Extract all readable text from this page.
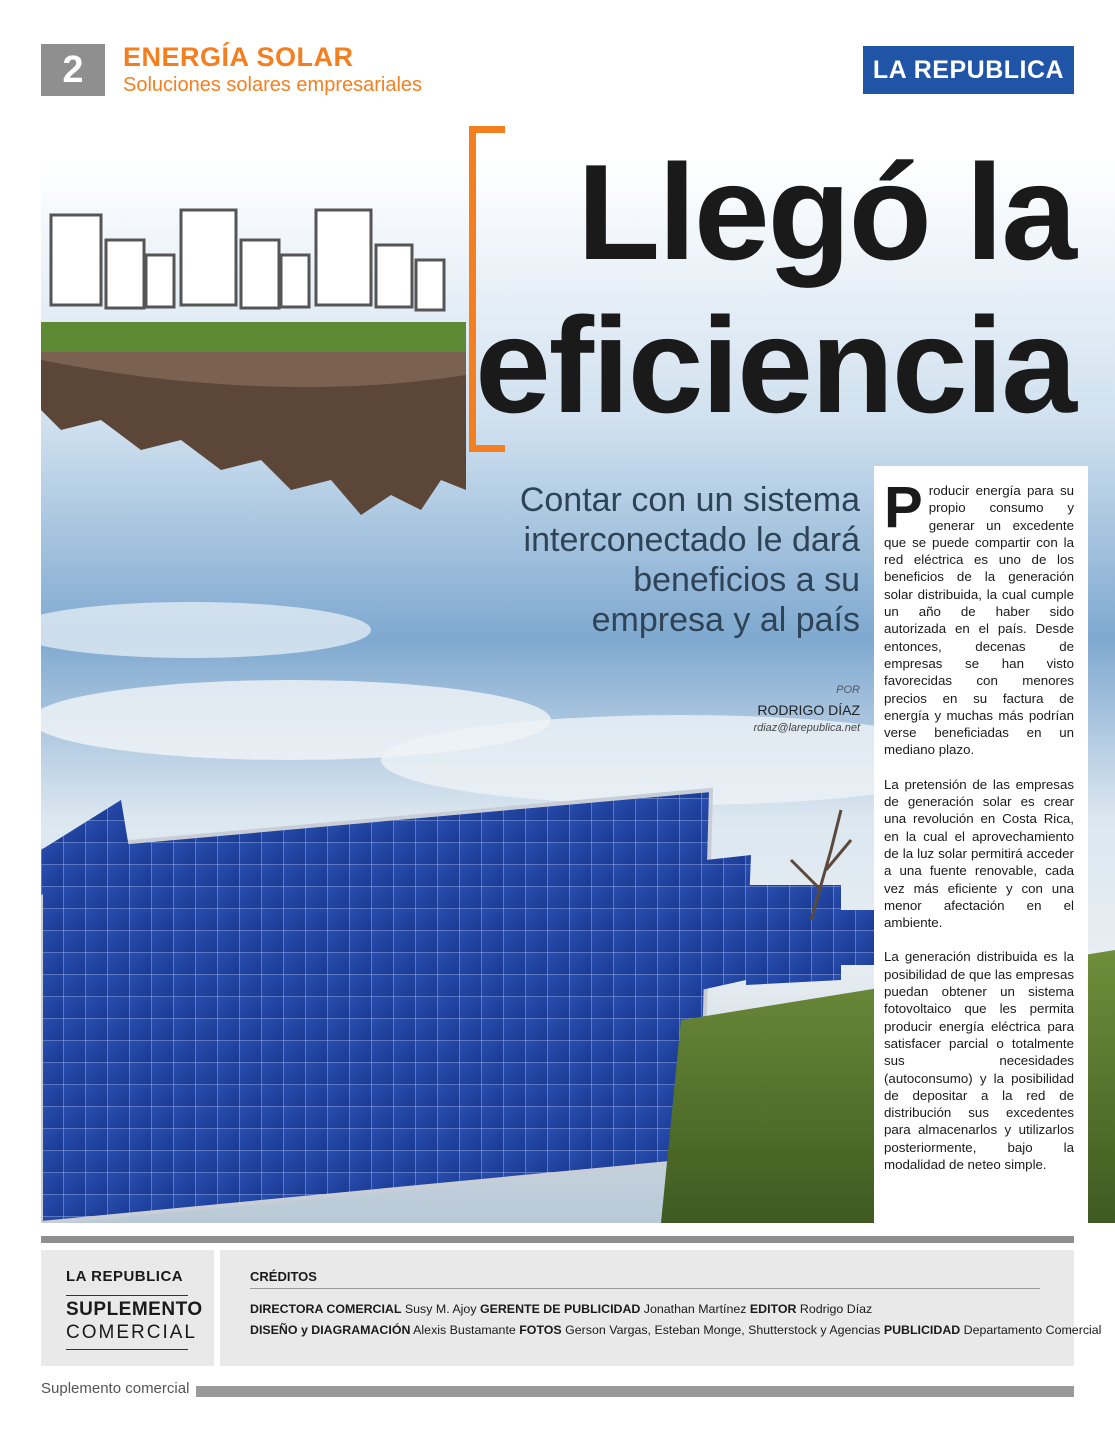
2	ENERGÍA SOLAR
Soluciones solares empresariales
LA REPUBLICA
Llegó la
eficiencia
Contar con un sistema interconectado le dará beneficios a su empresa y al país
POR
RODRIGO DÍAZ
rdiaz@larepublica.net

Producir energía para su propio consumo y generar un excedente que se puede compartir con la red eléctrica es uno de los beneficios de la generación solar distribuida, la cual cumple un año de haber sido autorizada en el país. Desde entonces, decenas de empresas se han visto favorecidas con menores precios en su factura de energía y muchas más podrían verse beneficiadas en un mediano plazo.

La pretensión de las empresas de generación solar es crear una revolución en Costa Rica, en la cual el aprovechamiento de la luz solar permitirá acceder a una fuente renovable, cada vez más eficiente y con una menor afectación en el ambiente.

La generación distribuida es la posibilidad de que las empresas puedan obtener un sistema fotovoltaico que les permita producir energía eléctrica para satisfacer parcial o totalmente sus necesidades (autoconsumo) y la posibilidad de depositar a la red de distribución sus excedentes para almacenarlos y utilizarlos posteriormente, bajo la modalidad de neteo simple.

LA REPUBLICA
SUPLEMENTO
COMERCIAL
CRÉDITOS
DIRECTORA COMERCIAL Susy M. Ajoy GERENTE DE PUBLICIDAD Jonathan Martínez EDITOR Rodrigo Díaz
DISEÑO y DIAGRAMACIÓN Alexis Bustamante FOTOS Gerson Vargas, Esteban Monge, Shutterstock y Agencias PUBLICIDAD Departamento Comercial
Suplemento comercial
